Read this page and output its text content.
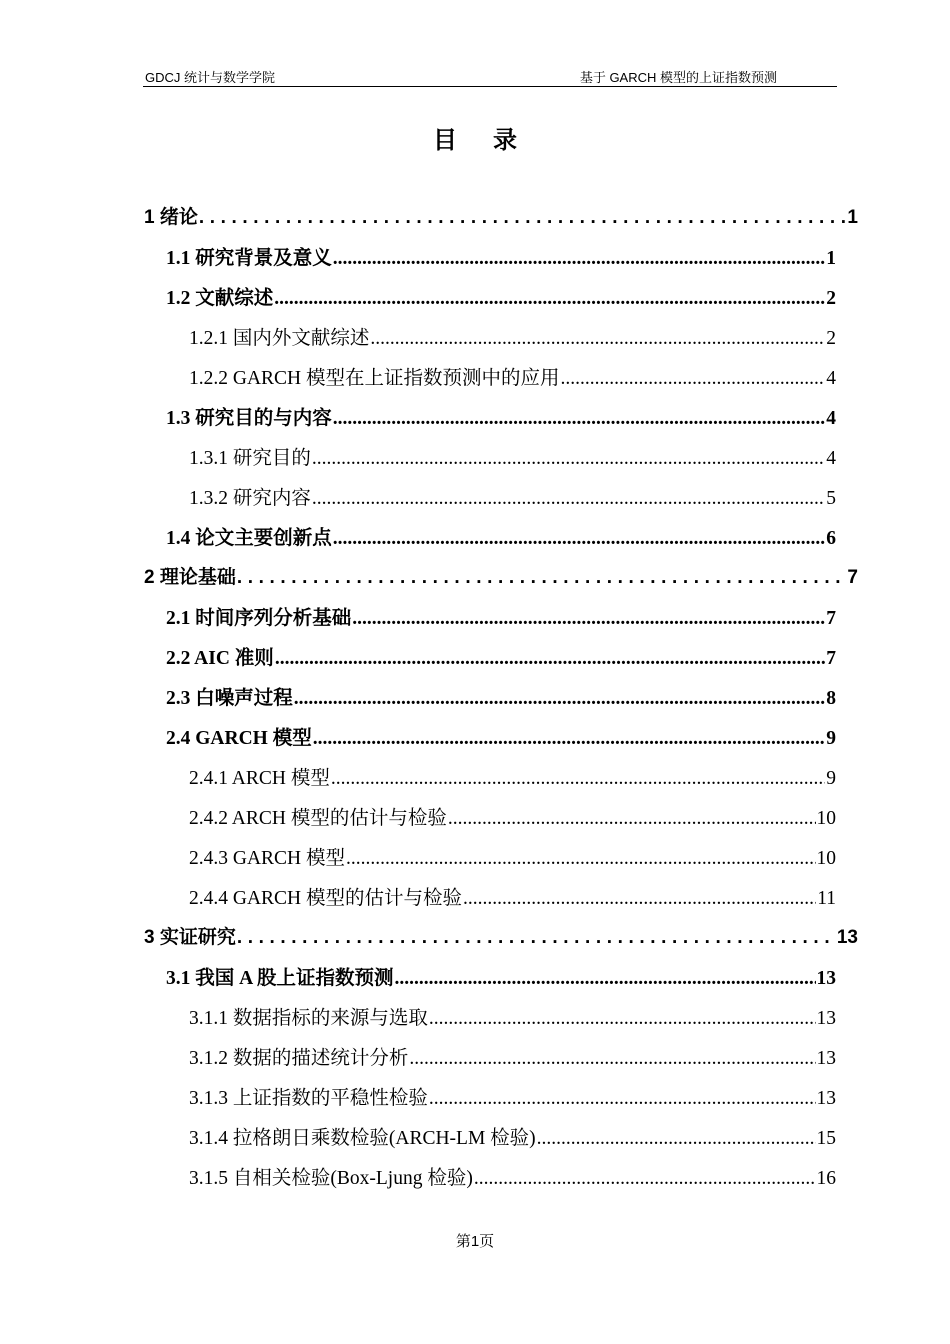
GDCJ 统计与数学学院	基于 GARCH 模型的上证指数预测
目录
1 绪论 .....	1
1.1 研究背景及意义 .....	1
1.2 文献综述 .....	2
1.2.1 国内外文献综述 .....	2
1.2.2 GARCH 模型在上证指数预测中的应用 .....	4
1.3 研究目的与内容 .....	4
1.3.1 研究目的 .....	4
1.3.2 研究内容 .....	5
1.4 论文主要创新点 .....	6
2 理论基础 .....	7
2.1 时间序列分析基础 .....	7
2.2 AIC 准则 .....	7
2.3 白噪声过程 .....	8
2.4 GARCH 模型 .....	9
2.4.1 ARCH 模型 .....	9
2.4.2 ARCH 模型的估计与检验 .....	10
2.4.3 GARCH 模型 .....	10
2.4.4 GARCH 模型的估计与检验 .....	11
3 实证研究 .....	13
3.1 我国 A 股上证指数预测 .....	13
3.1.1 数据指标的来源与选取 .....	13
3.1.2 数据的描述统计分析 .....	13
3.1.3 上证指数的平稳性检验 .....	13
3.1.4 拉格朗日乘数检验(ARCH-LM 检验) .....	15
3.1.5 自相关检验(Box-Ljung 检验) .....	16
第1页
